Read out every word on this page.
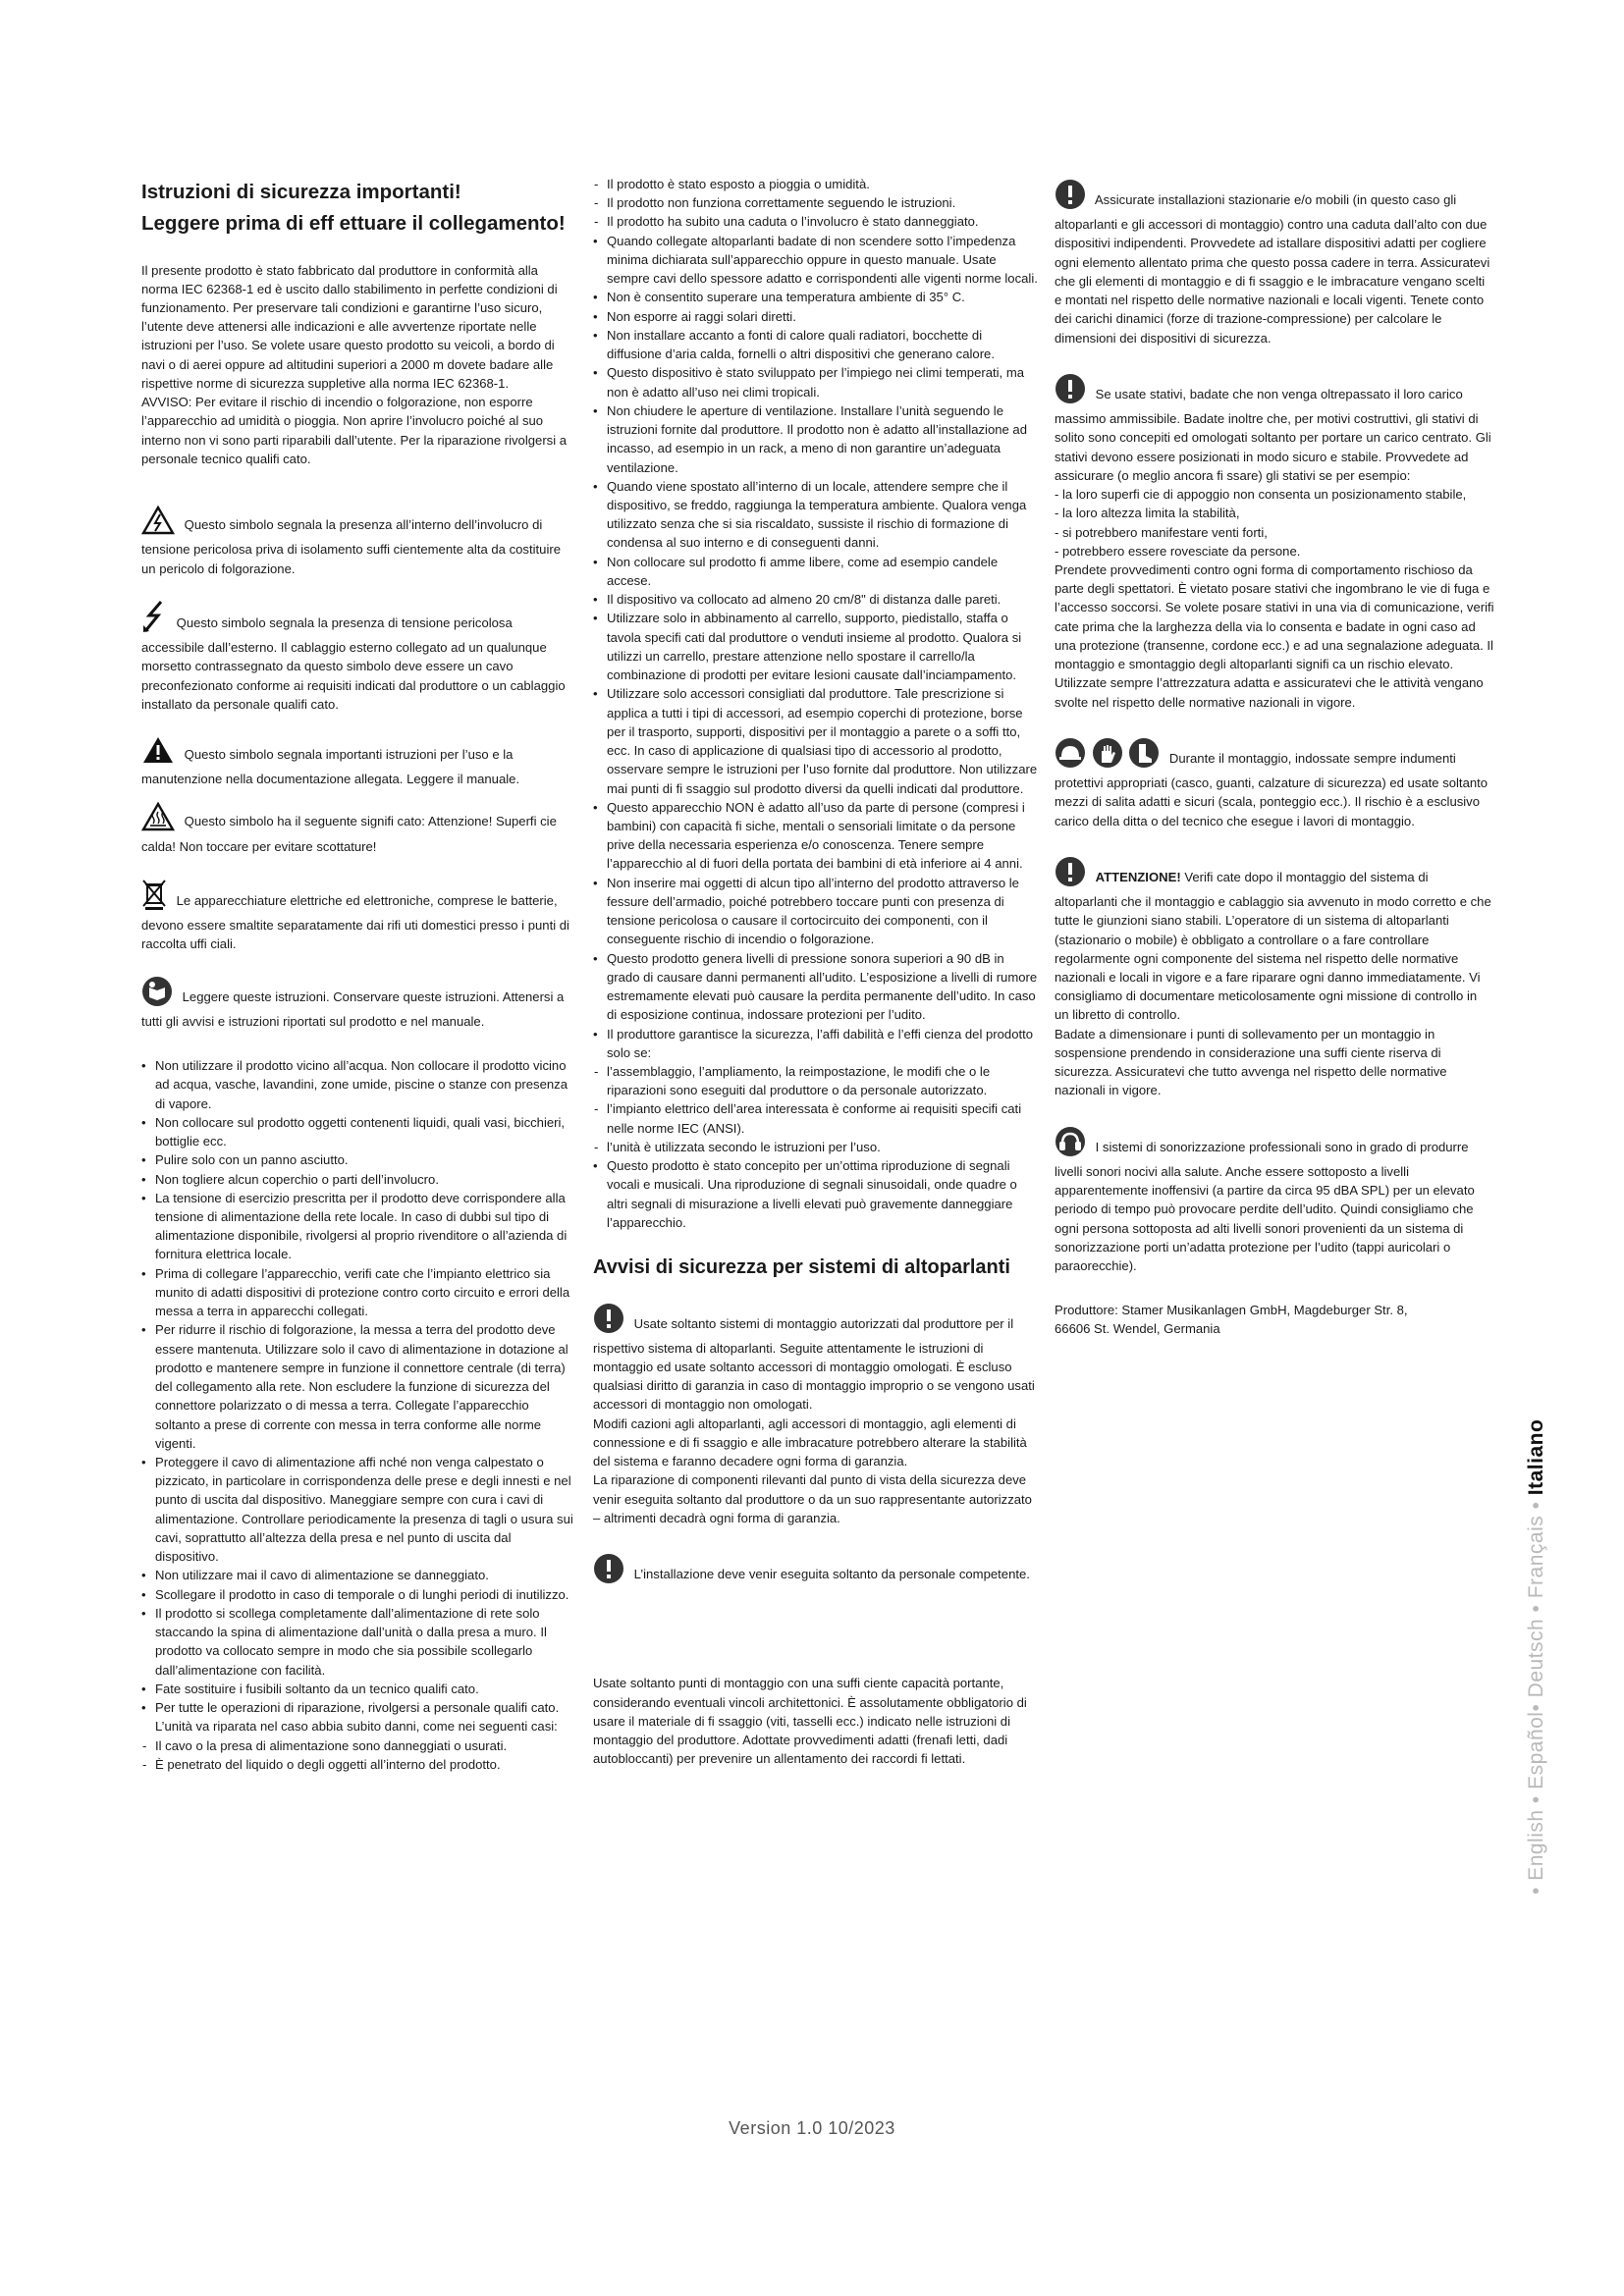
Istruzioni di sicurezza importanti!
Leggere prima di eff ettuare il collegamento!

Il presente prodotto è stato fabbricato dal produttore in conformità alla norma IEC 62368-1 ed è uscito dallo stabilimento in perfette condizioni di funzionamento. Per preservare tali condizioni e garantirne l’uso sicuro, l’utente deve attenersi alle indicazioni e alle avvertenze riportate nelle istruzioni per l’uso. Se volete usare questo prodotto su veicoli, a bordo di navi o di aerei oppure ad altitudini superiori a 2000 m dovete badare alle rispettive norme di sicurezza suppletive alla norma IEC 62368-1.

AVVISO: Per evitare il rischio di incendio o folgorazione, non esporre l’apparecchio ad umidità o pioggia. Non aprire l’involucro poiché al suo interno non vi sono parti riparabili dall’utente. Per la riparazione rivolgersi a personale tecnico qualifi cato.

Questo simbolo segnala la presenza all’interno dell’involucro di tensione pericolosa priva di isolamento suffi cientemente alta da costituire un pericolo di folgorazione.
Questo simbolo segnala la presenza di tensione pericolosa accessibile dall’esterno. Il cablaggio esterno collegato ad un qualunque morsetto contrassegnato da questo simbolo deve essere un cavo preconfezionato conforme ai requisiti indicati dal produttore o un cablaggio installato da personale qualifi cato.
Questo simbolo segnala importanti istruzioni per l’uso e la manutenzione nella documentazione allegata. Leggere il manuale.
Questo simbolo ha il seguente signifi cato: Attenzione! Superfi cie calda! Non toccare per evitare scottature!
Le apparecchiature elettriche ed elettroniche, comprese le batterie, devono essere smaltite separatamente dai rifi uti domestici presso i punti di raccolta uffi ciali.
Leggere queste istruzioni. Conservare queste istruzioni. Attenersi a tutti gli avvisi e istruzioni riportati sul prodotto e nel manuale.
• Non utilizzare il prodotto vicino all’acqua. Non collocare il prodotto vicino ad acqua, vasche, lavandini, zone umide, piscine o stanze con presenza di vapore.
• Non collocare sul prodotto oggetti contenenti liquidi, quali vasi, bicchieri, bottiglie ecc.
• Pulire solo con un panno asciutto.
• Non togliere alcun coperchio o parti dell’involucro.
• La tensione di esercizio prescritta per il prodotto deve corrispondere alla tensione di alimentazione della rete locale. In caso di dubbi sul tipo di alimentazione disponibile, rivolgersi al proprio rivenditore o all’azienda di fornitura elettrica locale.
• Prima di collegare l’apparecchio, verifi cate che l’impianto elettrico sia munito di adatti dispositivi di protezione contro corto circuito e errori della messa a terra in apparecchi collegati.
• Per ridurre il rischio di folgorazione, la messa a terra del prodotto deve essere mantenuta. Utilizzare solo il cavo di alimentazione in dotazione al prodotto e mantenere sempre in funzione il connettore centrale (di terra) del collegamento alla rete. Non escludere la funzione di sicurezza del connettore polarizzato o di messa a terra. Collegate l’apparecchio soltanto a prese di corrente con messa in terra conforme alle norme vigenti.
• Proteggere il cavo di alimentazione affi nché non venga calpestato o pizzicato, in particolare in corrispondenza delle prese e degli innesti e nel punto di uscita dal dispositivo. Maneggiare sempre con cura i cavi di alimentazione. Controllare periodicamente la presenza di tagli o usura sui cavi, soprattutto all’altezza della presa e nel punto di uscita dal dispositivo.
• Non utilizzare mai il cavo di alimentazione se danneggiato.
• Scollegare il prodotto in caso di temporale o di lunghi periodi di inutilizzo.
• Il prodotto si scollega completamente dall’alimentazione di rete solo staccando la spina di alimentazione dall’unità o dalla presa a muro. Il prodotto va collocato sempre in modo che sia possibile scollegarlo dall’alimentazione con facilità.
• Fate sostituire i fusibili soltanto da un tecnico qualifi cato.
• Per tutte le operazioni di riparazione, rivolgersi a personale qualifi cato. L’unità va riparata nel caso abbia subito danni, come nei seguenti casi:
- Il cavo o la presa di alimentazione sono danneggiati o usurati.
- È penetrato del liquido o degli oggetti all’interno del prodotto.
- Il prodotto è stato esposto a pioggia o umidità.
- Il prodotto non funziona correttamente seguendo le istruzioni.
- Il prodotto ha subito una caduta o l’involucro è stato danneggiato.
• Quando collegate altoparlanti badate di non scendere sotto l’impedenza minima dichiarata sull’apparecchio oppure in questo manuale. Usate sempre cavi dello spessore adatto e corrispondenti alle vigenti norme locali.
• Non è consentito superare una temperatura ambiente di 35° C.
• Non esporre ai raggi solari diretti.
• Non installare accanto a fonti di calore quali radiatori, bocchette di diffusione d’aria calda, fornelli o altri dispositivi che generano calore.
• Questo dispositivo è stato sviluppato per l’impiego nei climi temperati, ma non è adatto all’uso nei climi tropicali.
• Non chiudere le aperture di ventilazione. Installare l’unità seguendo le istruzioni fornite dal produttore. Il prodotto non è adatto all’installazione ad incasso, ad esempio in un rack, a meno di non garantire un’adeguata ventilazione.
• Quando viene spostato all’interno di un locale, attendere sempre che il dispositivo, se freddo, raggiunga la temperatura ambiente. Qualora venga utilizzato senza che si sia riscaldato, sussiste il rischio di formazione di condensa al suo interno e di conseguenti danni.
• Non collocare sul prodotto fi amme libere, come ad esempio candele accese.
• Il dispositivo va collocato ad almeno 20 cm/8" di distanza dalle pareti.
• Utilizzare solo in abbinamento al carrello, supporto, piedistallo, staffa o tavola specifi cati dal produttore o venduti insieme al prodotto. Qualora si utilizzi un carrello, prestare attenzione nello spostare il carrello/la combinazione di prodotti per evitare lesioni causate dall’inciampamento.
• Utilizzare solo accessori consigliati dal produttore. Tale prescrizione si applica a tutti i tipi di accessori, ad esempio coperchi di protezione, borse per il trasporto, supporti, dispositivi per il montaggio a parete o a soffi tto, ecc. In caso di applicazione di qualsiasi tipo di accessorio al prodotto, osservare sempre le istruzioni per l’uso fornite dal produttore. Non utilizzare mai punti di fi ssaggio sul prodotto diversi da quelli indicati dal produttore.
• Questo apparecchio NON è adatto all’uso da parte di persone (compresi i bambini) con capacità fi siche, mentali o sensoriali limitate o da persone prive della necessaria esperienza e/o conoscenza. Tenere sempre l’apparecchio al di fuori della portata dei bambini di età inferiore ai 4 anni.
• Non inserire mai oggetti di alcun tipo all’interno del prodotto attraverso le fessure dell’armadio, poiché potrebbero toccare punti con presenza di tensione pericolosa o causare il cortocircuito dei componenti, con il conseguente rischio di incendio o folgorazione.
• Questo prodotto genera livelli di pressione sonora superiori a 90 dB in grado di causare danni permanenti all’udito. L’esposizione a livelli di rumore estremamente elevati può causare la perdita permanente dell’udito. In caso di esposizione continua, indossare protezioni per l’udito.
• Il produttore garantisce la sicurezza, l’affi dabilità e l’effi cienza del prodotto solo se:
- l’assemblaggio, l’ampliamento, la reimpostazione, le modifi che o le riparazioni sono eseguiti dal produttore o da personale autorizzato.
- l’impianto elettrico dell’area interessata è conforme ai requisiti specifi cati nelle norme IEC (ANSI).
- l’unità è utilizzata secondo le istruzioni per l’uso.
• Questo prodotto è stato concepito per un’ottima riproduzione di segnali vocali e musicali. Una riproduzione di segnali sinusoidali, onde quadre o altri segnali di misurazione a livelli elevati può gravemente danneggiare l’apparecchio.
Avvisi di sicurezza per sistemi di altoparlanti
Usate soltanto sistemi di montaggio autorizzati dal produttore per il rispettivo sistema di altoparlanti. Seguite attentamente le istruzioni di montaggio ed usate soltanto accessori di montaggio omologati. È escluso qualsiasi diritto di garanzia in caso di montaggio improprio o se vengono usati accessori di montaggio non omologati.

Modifi cazioni agli altoparlanti, agli accessori di montaggio, agli elementi di connessione e di fi ssaggio e alle imbracature potrebbero alterare la stabilità del sistema e faranno decadere ogni forma di garanzia.

La riparazione di componenti rilevanti dal punto di vista della sicurezza deve venir eseguita soltanto dal produttore o da un suo rappresentante autorizzato – altrimenti decadrà ogni forma di garanzia.

L’installazione deve venir eseguita soltanto da personale competente.

Usate soltanto punti di montaggio con una suffi ciente capacità portante, considerando eventuali vincoli architettonici. È assolutamente obbligatorio di usare il materiale di fi ssaggio (viti, tasselli ecc.) indicato nelle istruzioni di montaggio del produttore. Adottate provvedimenti adatti (frenafi letti, dadi autobloccanti) per prevenire un allentamento dei raccordi fi lettati.

Assicurate installazioni stazionarie e/o mobili (in questo caso gli altoparlanti e gli accessori di montaggio) contro una caduta dall’alto con due dispositivi indipendenti. Provvedete ad istallare dispositivi adatti per cogliere ogni elemento allentato prima che questo possa cadere in terra. Assicuratevi che gli elementi di montaggio e di fi ssaggio e le imbracature vengano scelti e montati nel rispetto delle normative nazionali e locali vigenti. Tenete conto dei carichi dinamici (forze di trazione-compressione) per calcolare le dimensioni dei dispositivi di sicurezza.
Se usate stativi, badate che non venga oltrepassato il loro carico massimo ammissibile. Badate inoltre che, per motivi costruttivi, gli stativi di solito sono concepiti ed omologati soltanto per portare un carico centrato. Gli stativi devono essere posizionati in modo sicuro e stabile. Provvedete ad assicurare (o meglio ancora fi ssare) gli stativi se per esempio:
- la loro superfi cie di appoggio non consenta un posizionamento stabile,
- la loro altezza limita la stabilità,
- si potrebbero manifestare venti forti,
- potrebbero essere rovesciate da persone.

Prendete provvedimenti contro ogni forma di comportamento rischioso da parte degli spettatori. È vietato posare stativi che ingombrano le vie di fuga e l’accesso soccorsi. Se volete posare stativi in una via di comunicazione, verifi cate prima che la larghezza della via lo consenta e badate in ogni caso ad una protezione (transenne, cordone ecc.) e ad una segnalazione adeguata. Il montaggio e smontaggio degli altoparlanti signifi ca un rischio elevato. Utilizzate sempre l’attrezzatura adatta e assicuratevi che le attività vengano svolte nel rispetto delle normative nazionali in vigore.

Durante il montaggio, indossate sempre indumenti protettivi appropriati (casco, guanti, calzature di sicurezza) ed usate soltanto mezzi di salita adatti e sicuri (scala, ponteggio ecc.). Il rischio è a esclusivo carico della ditta o del tecnico che esegue i lavori di montaggio.
ATTENZIONE! Verifi cate dopo il montaggio del sistema di altoparlanti che il montaggio e cablaggio sia avvenuto in modo corretto e che tutte le giunzioni siano stabili. L’operatore di un sistema di altoparlanti (stazionario o mobile) è obbligato a controllare o a fare controllare regolarmente ogni componente del sistema nel rispetto delle normative nazionali e locali in vigore e a fare riparare ogni danno immediatamente. Vi consigliamo di documentare meticolosamente ogni missione di controllo in un libretto di controllo.

Badate a dimensionare i punti di sollevamento per un montaggio in sospensione prendendo in considerazione una suffi ciente riserva di sicurezza. Assicuratevi che tutto avvenga nel rispetto delle normative nazionali in vigore.

I sistemi di sonorizzazione professionali sono in grado di produrre livelli sonori nocivi alla salute. Anche essere sottoposto a livelli apparentemente inoffensivi (a partire da circa 95 dBA SPL) per un elevato periodo di tempo può provocare perdite dell’udito. Quindi consigliamo che ogni persona sottoposta ad alti livelli sonori provenienti da un sistema di sonorizzazione porti un’adatta protezione per l’udito (tappi auricolari o paraorecchie).

Produttore: Stamer Musikanlagen GmbH, Magdeburger Str. 8,
66606 St. Wendel, Germania

• English • Español• Deutsch • Français • Italiano
Version 1.0 10/2023
